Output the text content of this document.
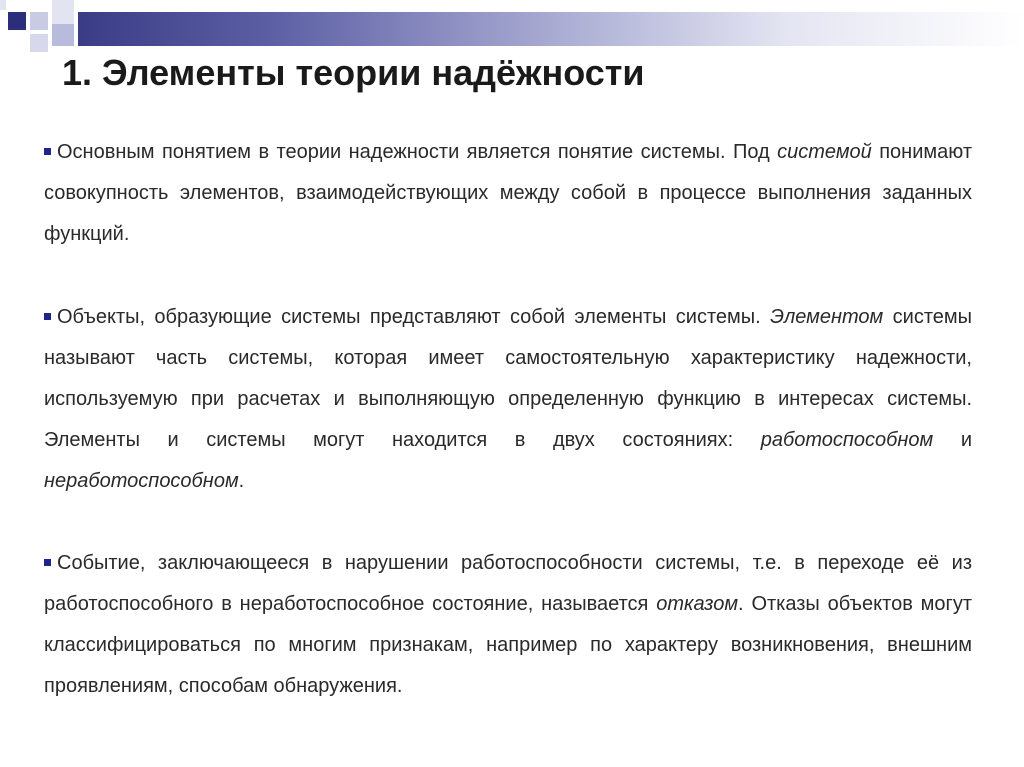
1. Элементы теории надёжности
Основным понятием в теории надежности является понятие системы. Под системой понимают совокупность элементов, взаимодействующих между собой в процессе выполнения заданных функций.
Объекты, образующие системы представляют собой элементы системы. Элементом системы называют часть системы, которая имеет самостоятельную характеристику надежности, используемую при расчетах и выполняющую определенную функцию в интересах системы. Элементы и системы могут находится в двух состояниях: работоспособном и неработоспособном.
Событие, заключающееся в нарушении работоспособности системы, т.е. в переходе её из работоспособного в неработоспособное состояние, называется отказом. Отказы объектов могут классифицироваться по многим признакам, например по характеру возникновения, внешним проявлениям, способам обнаружения.
